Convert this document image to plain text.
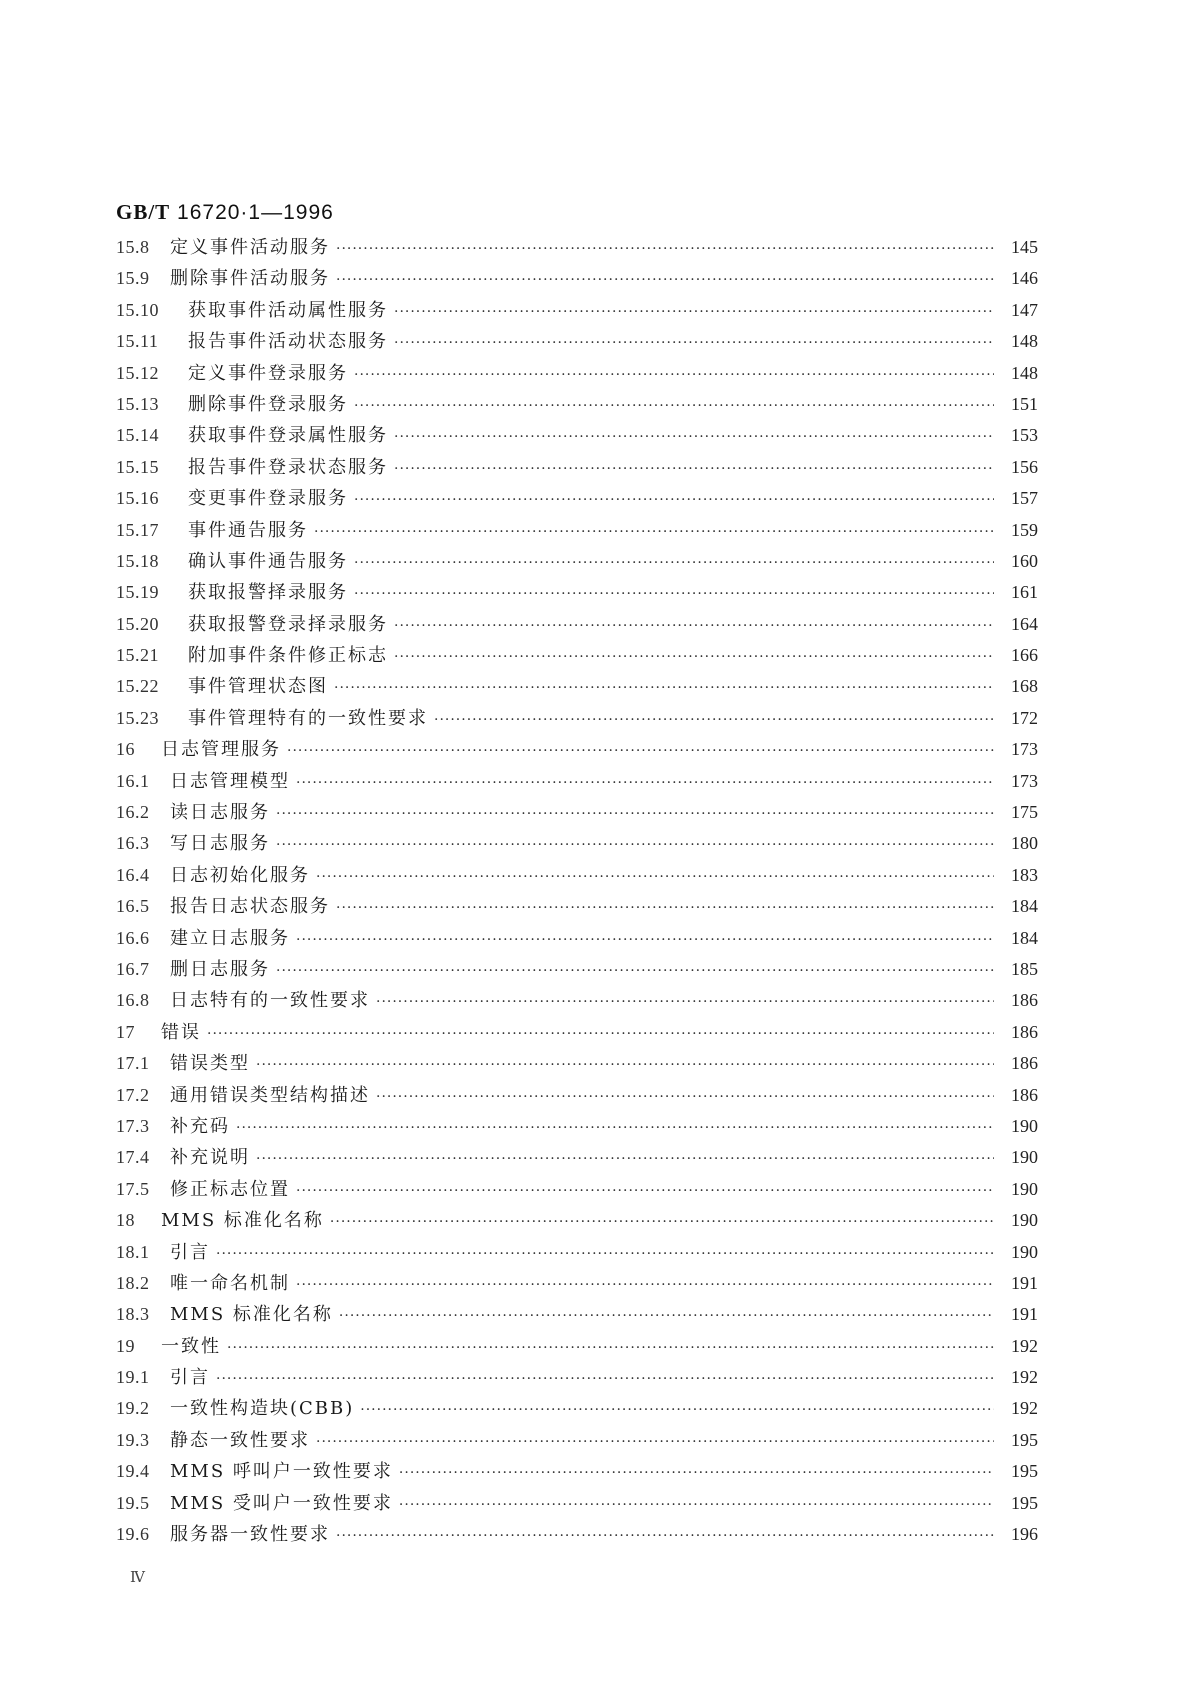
GB/T 16720·1—1996
15.8	定义事件活动服务 ·····	145
15.9	删除事件活动服务 ·····	146
15.10	获取事件活动属性服务 ·····	147
15.11	报告事件活动状态服务 ·····	148
15.12	定义事件登录服务 ·····	148
15.13	删除事件登录服务 ·····	151
15.14	获取事件登录属性服务 ·····	153
15.15	报告事件登录状态服务 ·····	156
15.16	变更事件登录服务 ·····	157
15.17	事件通告服务 ·····	159
15.18	确认事件通告服务 ·····	160
15.19	获取报警择录服务 ·····	161
15.20	获取报警登录择录服务 ·····	164
15.21	附加事件条件修正标志 ·····	166
15.22	事件管理状态图 ·····	168
15.23	事件管理特有的一致性要求 ·····	172
16	日志管理服务 ·····	173
16.1	日志管理模型 ·····	173
16.2	读日志服务 ·····	175
16.3	写日志服务 ·····	180
16.4	日志初始化服务 ·····	183
16.5	报告日志状态服务 ·····	184
16.6	建立日志服务 ·····	184
16.7	删日志服务 ·····	185
16.8	日志特有的一致性要求 ·····	186
17	错误 ·····	186
17.1	错误类型 ·····	186
17.2	通用错误类型结构描述 ·····	186
17.3	补充码 ·····	190
17.4	补充说明 ·····	190
17.5	修正标志位置 ·····	190
18	MMS 标准化名称 ·····	190
18.1	引言 ·····	190
18.2	唯一命名机制 ·····	191
18.3	MMS 标准化名称 ·····	191
19	一致性 ·····	192
19.1	引言 ·····	192
19.2	一致性构造块(CBB) ·····	192
19.3	静态一致性要求 ·····	195
19.4	MMS 呼叫户一致性要求 ·····	195
19.5	MMS 受叫户一致性要求 ·····	195
19.6	服务器一致性要求 ·····	196
Ⅳ
